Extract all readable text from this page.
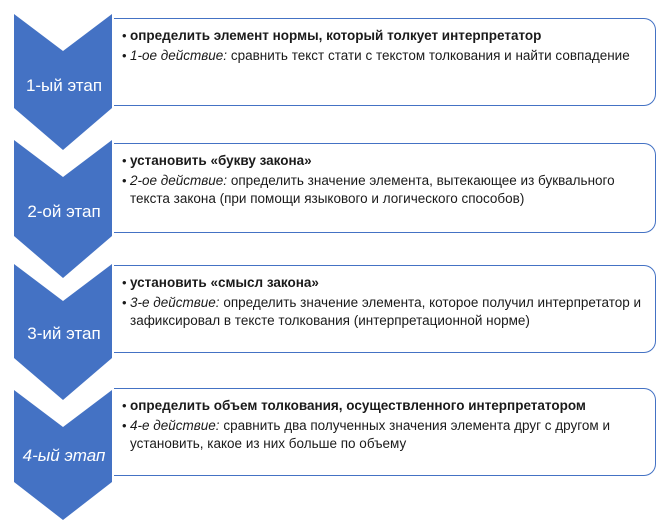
1-ый этап
2-ой этап
3-ий этап
4-ый этап
• определить элемент нормы, который толкует интерпретатор
• 1-ое действие: сравнить текст стати с текстом толкования и найти совпадение
• установить «букву закона»
• 2-ое действие: определить значение элемента, вытекающее из буквального текста закона (при помощи языкового и логического способов)
• установить «смысл закона»
• 3-е действие: определить значение элемента, которое получил интерпретатор и зафиксировал в тексте толкования (интерпретационной норме)
• определить объем толкования, осуществленного интерпретатором
• 4-е действие: сравнить два полученных значения элемента друг с другом и установить, какое из них больше по объему
